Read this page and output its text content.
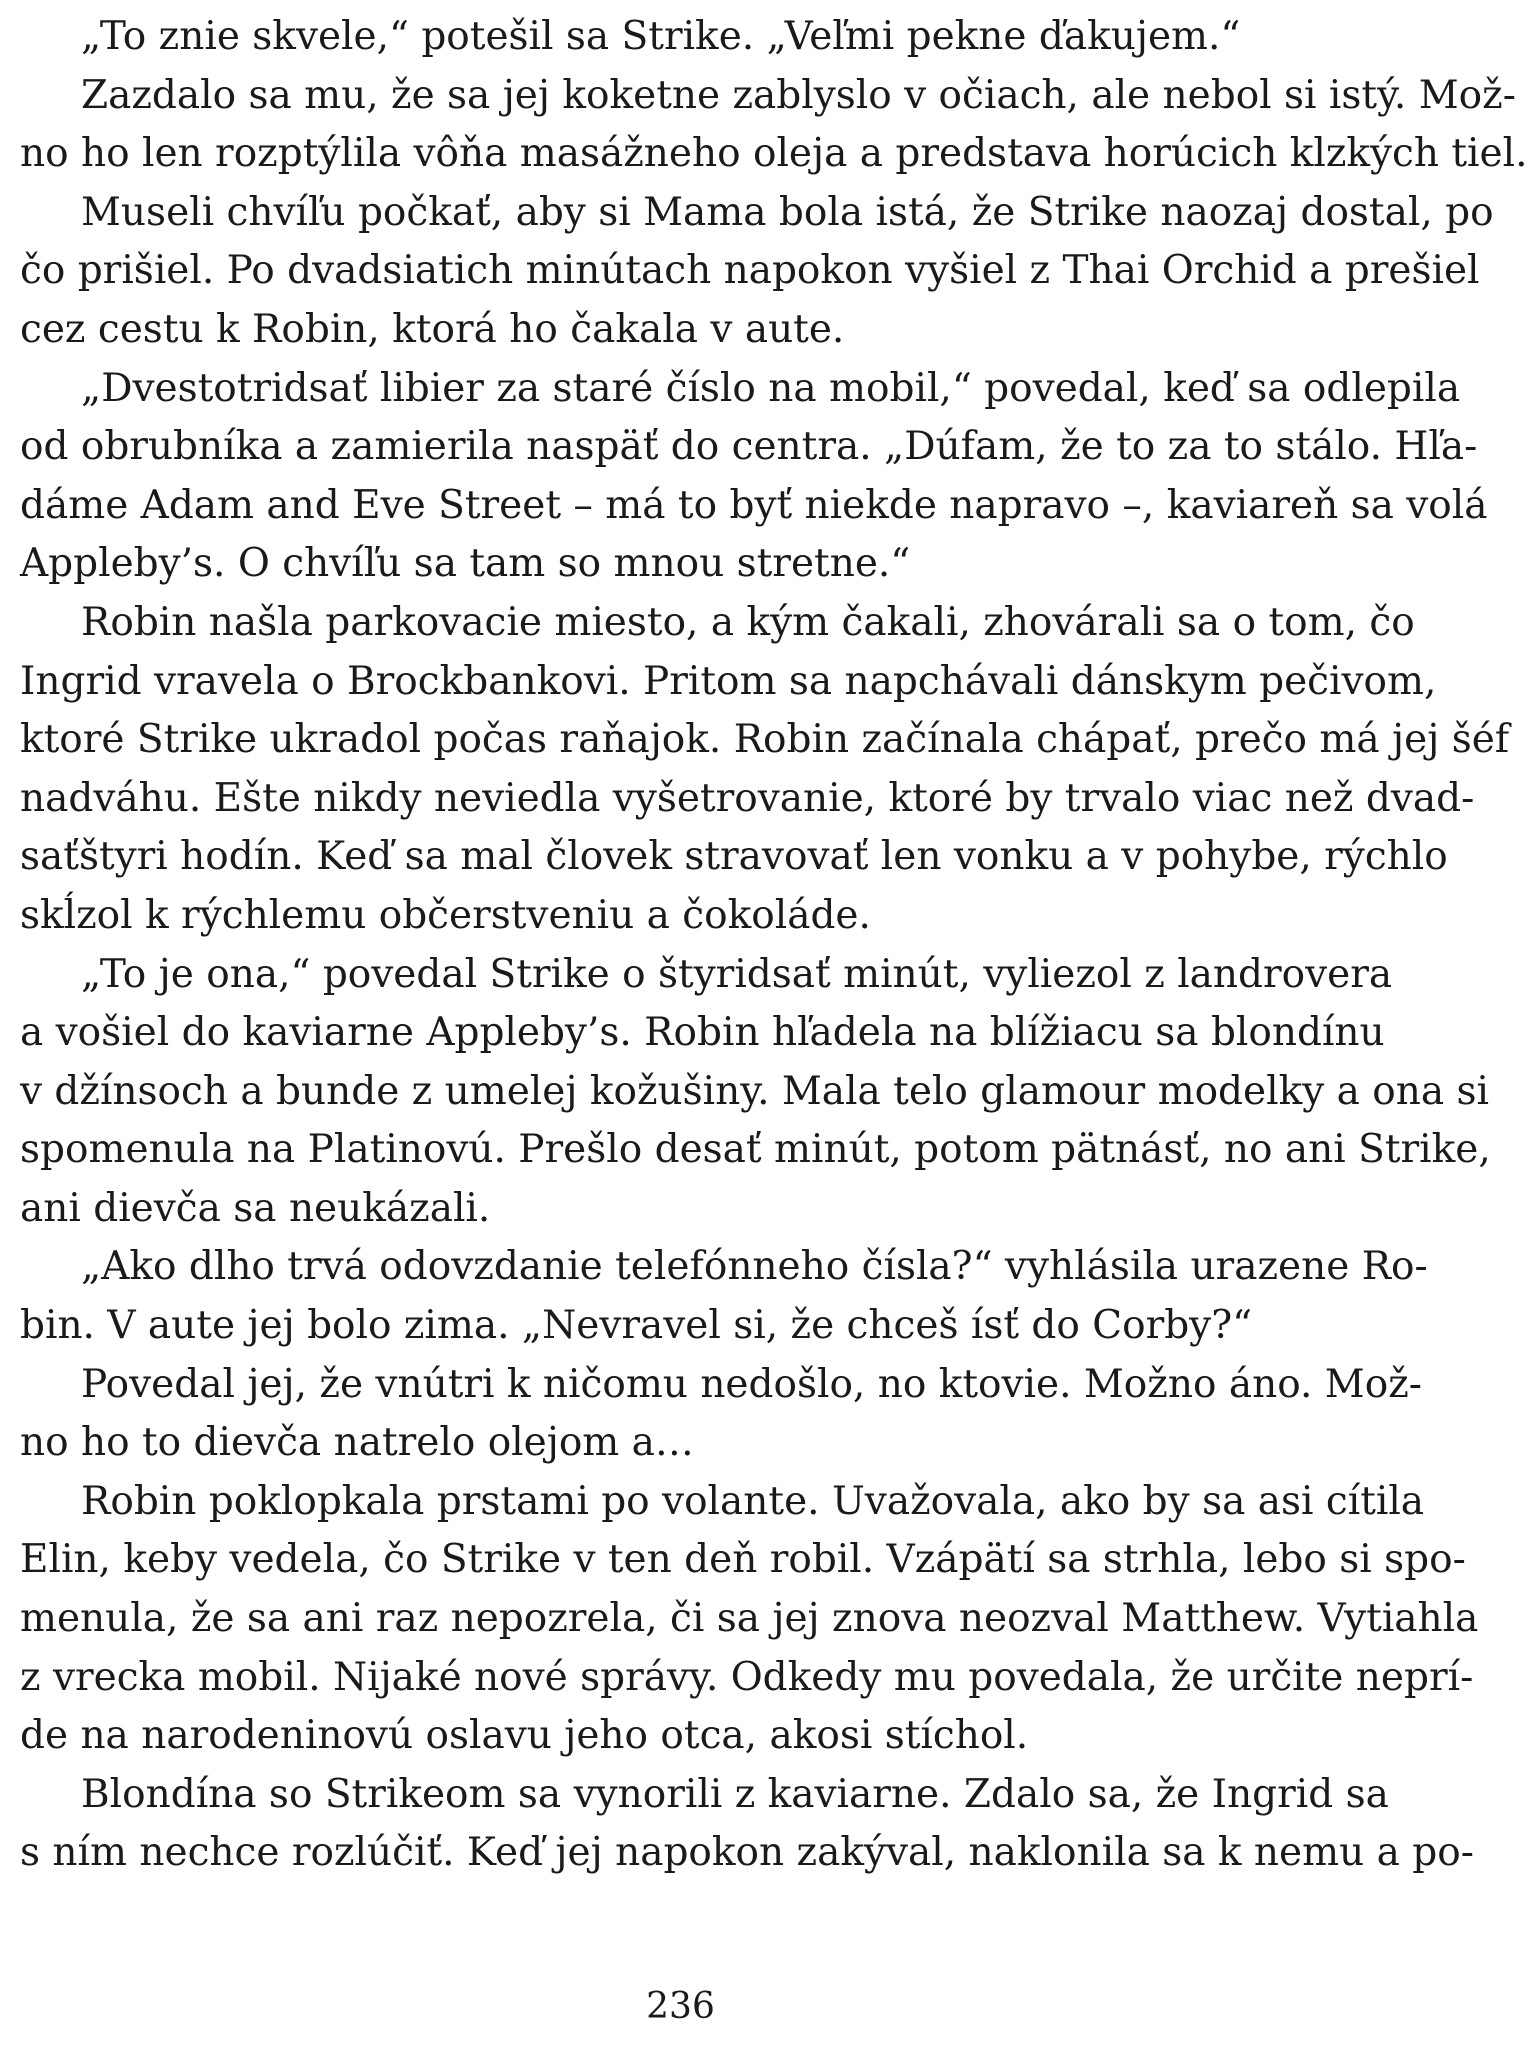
„To znie skvele,“ potešil sa Strike. „Veľmi pekne ďakujem.“
Zazdalo sa mu, že sa jej koketne zablyslo v očiach, ale nebol si istý. Mož-
no ho len rozptýlila vôňa masážneho oleja a predstava horúcich klzkých tiel.
Museli chvíľu počkať, aby si Mama bola istá, že Strike naozaj dostal, po
čo prišiel. Po dvadsiatich minútach napokon vyšiel z Thai Orchid a prešiel
cez cestu k Robin, ktorá ho čakala v aute.
„Dvestotridsať libier za staré číslo na mobil,“ povedal, keď sa odlepila
od obrubníka a zamierila naspäť do centra. „Dúfam, že to za to stálo. Hľa-
dáme Adam and Eve Street – má to byť niekde napravo –, kaviareň sa volá
Appleby’s. O chvíľu sa tam so mnou stretne.“
Robin našla parkovacie miesto, a kým čakali, zhovárali sa o tom, čo
Ingrid vravela o Brockbankovi. Pritom sa napchávali dánskym pečivom,
ktoré Strike ukradol počas raňajok. Robin začínala chápať, prečo má jej šéf
nadváhu. Ešte nikdy neviedla vyšetrovanie, ktoré by trvalo viac než dvad-
saťštyri hodín. Keď sa mal človek stravovať len vonku a v pohybe, rýchlo
skĺzol k rýchlemu občerstveniu a čokoláde.
„To je ona,“ povedal Strike o štyridsať minút, vyliezol z landrovera
a vošiel do kaviarne Appleby’s. Robin hľadela na blížiacu sa blondínu
v džínsoch a bunde z umelej kožušiny. Mala telo glamour modelky a ona si
spomenula na Platinovú. Prešlo desať minút, potom pätnásť, no ani Strike,
ani dievča sa neukázali.
„Ako dlho trvá odovzdanie telefónneho čísla?“ vyhlásila urazene Ro-
bin. V aute jej bolo zima. „Nevravel si, že chceš ísť do Corby?“
Povedal jej, že vnútri k ničomu nedošlo, no ktovie. Možno áno. Mož-
no ho to dievča natrelo olejom a…
Robin poklopkala prstami po volante. Uvažovala, ako by sa asi cítila
Elin, keby vedela, čo Strike v ten deň robil. Vzápätí sa strhla, lebo si spo-
menula, že sa ani raz nepozrela, či sa jej znova neozval Matthew. Vytiahla
z vrecka mobil. Nijaké nové správy. Odkedy mu povedala, že určite neprí-
de na narodeninovú oslavu jeho otca, akosi stíchol.
Blondína so Strikeom sa vynorili z kaviarne. Zdalo sa, že Ingrid sa
s ním nechce rozlúčiť. Keď jej napokon zakýval, naklonila sa k nemu a po-
236
